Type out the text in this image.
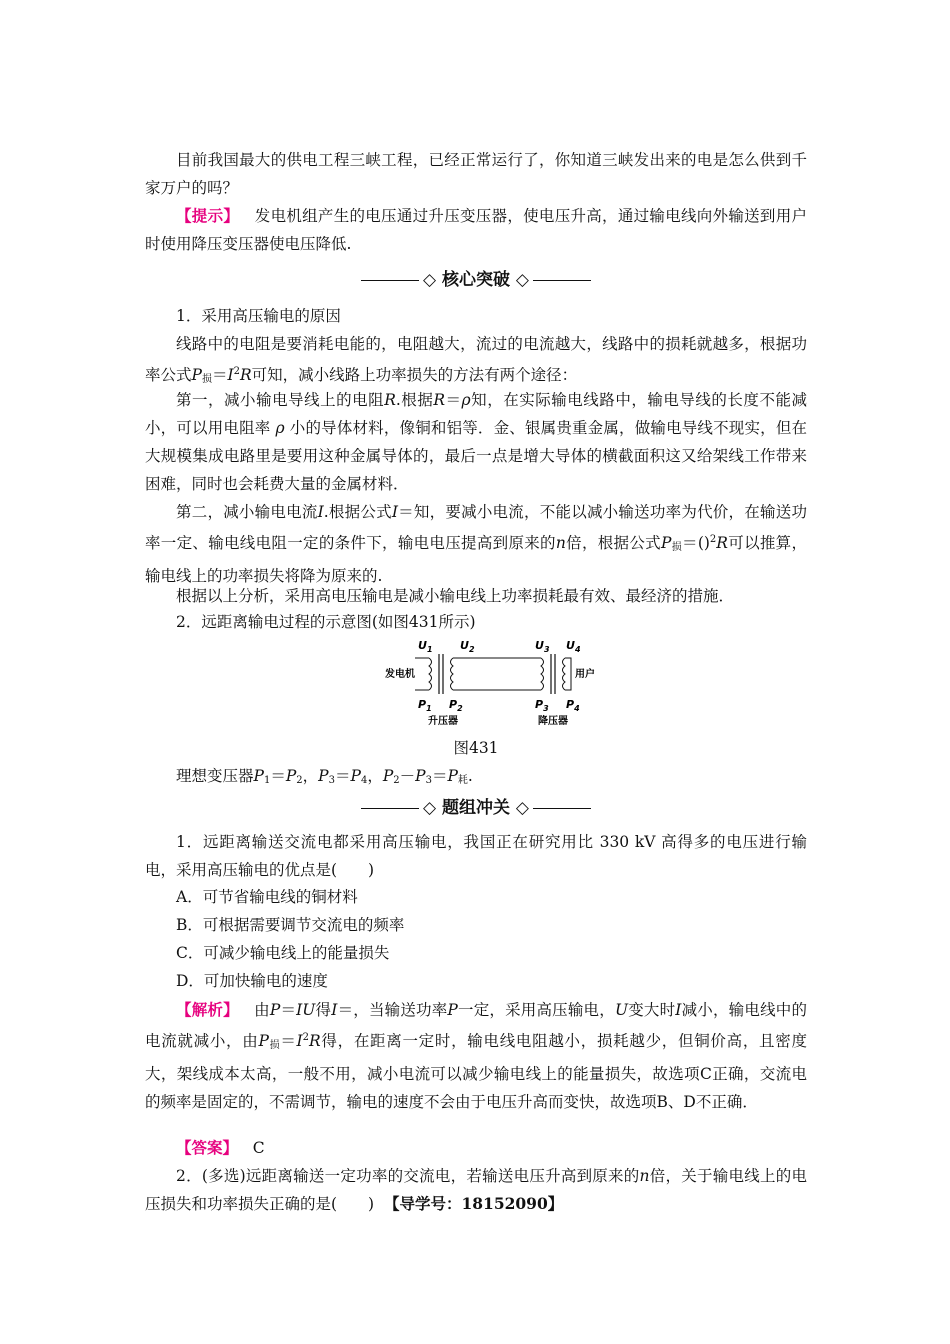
目前我国最大的供电工程三峡工程，已经正常运行了，你知道三峡发出来的电是怎么供到千家万户的吗？

【提示】 发电机组产生的电压通过升压变压器，使电压升高，通过输电线向外输送到用户时使用降压变压器使电压降低.

◇ 核心突破 ◇

1．采用高压输电的原因

线路中的电阻是要消耗电能的，电阻越大，流过的电流越大，线路中的损耗就越多，根据功率公式$P_损=I^2R$可知，减小线路上功率损失的方法有两个途径：

第一，减小输电导线上的电阻R.根据R＝ρ知，在实际输电线路中，输电导线的长度不能减小，可以用电阻率 ρ 小的导体材料，像铜和铝等．金、银属贵重金属，做输电导线不现实，但在大规模集成电路里是要用这种金属导体的，最后一点是增大导体的横截面积这又给架线工作带来困难，同时也会耗费大量的金属材料．

第二，减小输电电流I.根据公式I＝知，要减小电流，不能以减小输送功率为代价，在输送功率一定、输电线电阻一定的条件下，输电电压提高到原来的n倍，根据公式$P_损=()^2R$可以推算，输电线上的功率损失将降为原来的.

根据以上分析，采用高电压输电是减小输电线上功率损耗最有效、最经济的措施．

2．远距离输电过程的示意图(如图431所示)

$U_1$ $U_2$	$U_3$ $U_4$
发电机	用户
$P_1$ $P_2$	$P_3$ $P_4$
升压器	降压器
图431

理想变压器$P_1=P_2$，$P_3=P_4$，$P_2-P_3=P_耗$.

◇ 题组冲关 ◇

1．远距离输送交流电都采用高压输电，我国正在研究用比 330 kV 高得多的电压进行输电，采用高压输电的优点是(　　)

A．可节省输电线的铜材料
B．可根据需要调节交流电的频率
C．可减少输电线上的能量损失
D．可加快输电的速度

【解析】 由P＝IU得I＝，当输送功率P一定，采用高压输电，U变大时I减小，输电线中的电流就减小，由$P_损=I^2R$得，在距离一定时，输电线电阻越小，损耗越少，但铜价高，且密度大，架线成本太高，一般不用，减小电流可以减少输电线上的能量损失，故选项C正确，交流电的频率是固定的，不需调节，输电的速度不会由于电压升高而变快，故选项B、D不正确．

【答案】 C

2．(多选)远距离输送一定功率的交流电，若输送电压升高到原来的n倍，关于输电线上的电压损失和功率损失正确的是(　　) 【导学号：18152090】
